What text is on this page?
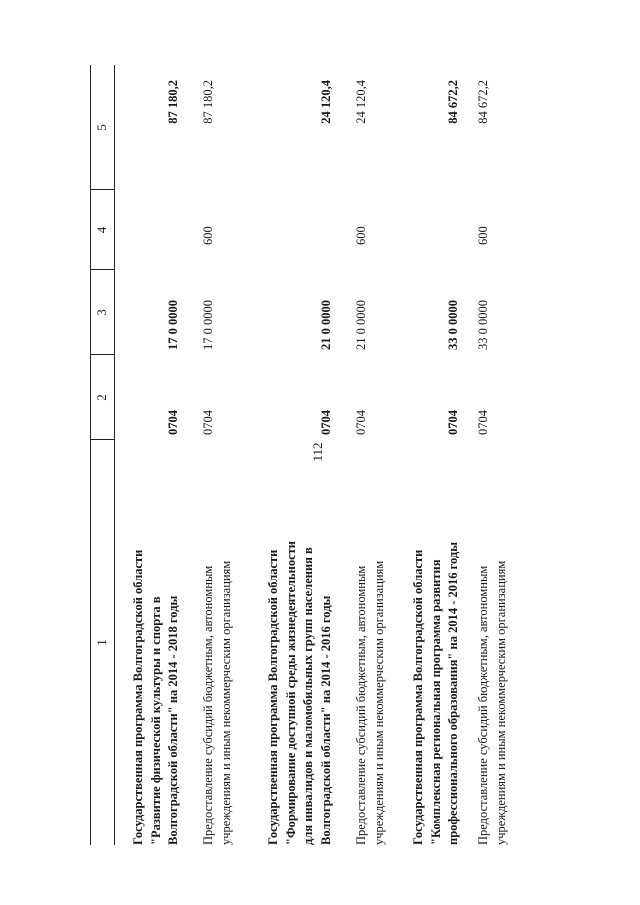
112
1
2
3
4
5
Государственная программа Волгоградской области "Развитие физической культуры и спорта в Волгоградской области" на 2014 - 2018 годы
0704
17 0 0000
87 180,2
Предоставление субсидий бюджетным, автономным учреждениям и иным некоммерческим организациям
0704
17 0 0000
600
87 180,2
Государственная программа Волгоградской области "Формирование доступной среды жизнедеятельности для инвалидов и маломобильных групп населения в Волгоградской области" на 2014 - 2016 годы
0704
21 0 0000
24 120,4
Предоставление субсидий бюджетным, автономным учреждениям и иным некоммерческим организациям
0704
21 0 0000
600
24 120,4
Государственная программа Волгоградской области "Комплексная региональная программа развития профессионального образования" на 2014 - 2016 годы
0704
33 0 0000
84 672,2
Предоставление субсидий бюджетным, автономным учреждениям и иным некоммерческим организациям
0704
33 0 0000
600
84 672,2
